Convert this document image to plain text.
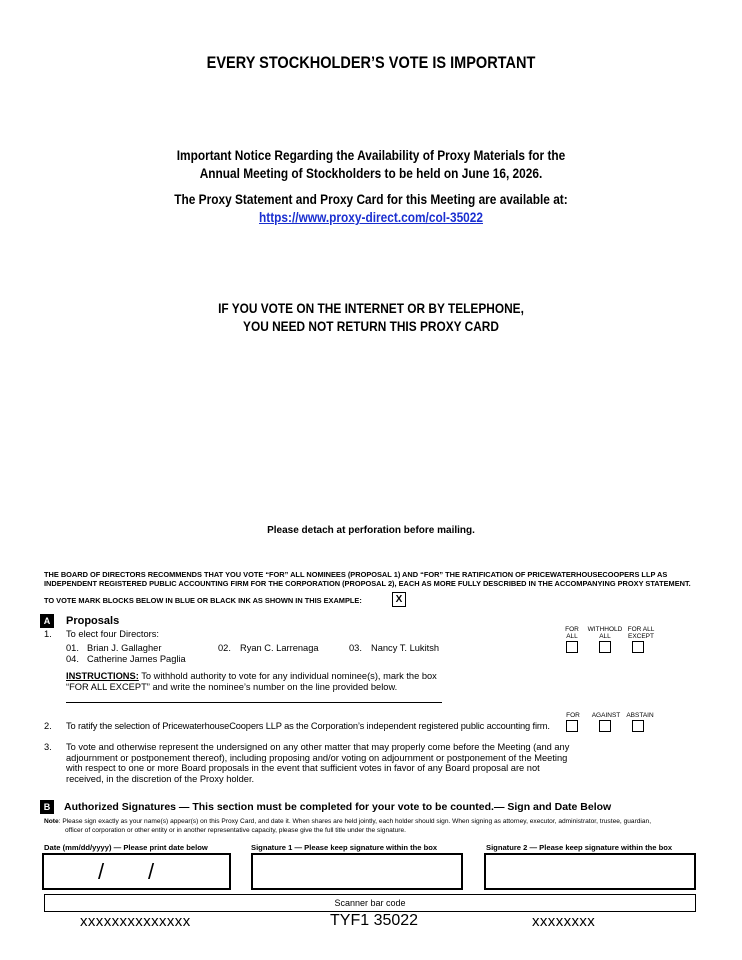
EVERY STOCKHOLDER’S VOTE IS IMPORTANT
Important Notice Regarding the Availability of Proxy Materials for the
Annual Meeting of Stockholders to be held on June 16, 2026.
The Proxy Statement and Proxy Card for this Meeting are available at:
https://www.proxy-direct.com/col-35022
IF YOU VOTE ON THE INTERNET OR BY TELEPHONE,
YOU NEED NOT RETURN THIS PROXY CARD
Please detach at perforation before mailing.
THE BOARD OF DIRECTORS RECOMMENDS THAT YOU VOTE “FOR” ALL NOMINEES (PROPOSAL 1) AND “FOR” THE RATIFICATION OF PRICEWATERHOUSECOOPERS LLP AS
INDEPENDENT REGISTERED PUBLIC ACCOUNTING FIRM FOR THE CORPORATION (PROPOSAL 2), EACH AS MORE FULLY DESCRIBED IN THE ACCOMPANYING PROXY STATEMENT.
TO VOTE MARK BLOCKS BELOW IN BLUE OR BLACK INK AS SHOWN IN THIS EXAMPLE:	X
A	Proposals
FOR
ALL
WITHHOLD
ALL
FOR ALL
EXCEPT
1. To elect four Directors:
01. Brian J. Gallagher	02. Ryan C. Larrenaga	03. Nancy T. Lukitsh
04. Catherine James Paglia
INSTRUCTIONS: To withhold authority to vote for any individual nominee(s), mark the box
“FOR ALL EXCEPT” and write the nominee’s number on the line provided below.
FOR	AGAINST ABSTAIN
2. To ratify the selection of PricewaterhouseCoopers LLP as the Corporation’s independent registered public accounting firm.
3. To vote and otherwise represent the undersigned on any other matter that may properly come before the Meeting (and any
adjournment or postponement thereof), including proposing and/or voting on adjournment or postponement of the Meeting
with respect to one or more Board proposals in the event that sufficient votes in favor of any Board proposal are not
received, in the discretion of the Proxy holder.
B	Authorized Signatures — This section must be completed for your vote to be counted.— Sign and Date Below
Note: Please sign exactly as your name(s) appear(s) on this Proxy Card, and date it. When shares are held jointly, each holder should sign. When signing as attorney, executor, administrator, trustee, guardian,
officer of corporation or other entity or in another representative capacity, please give the full title under the signature.
Date (mm/dd/yyyy) — Please print date below	Signature 1 — Please keep signature within the box	Signature 2 — Please keep signature within the box
/ /
Scanner bar code
xxxxxxxxxxxxxx	TYF1 35022	xxxxxxxx
